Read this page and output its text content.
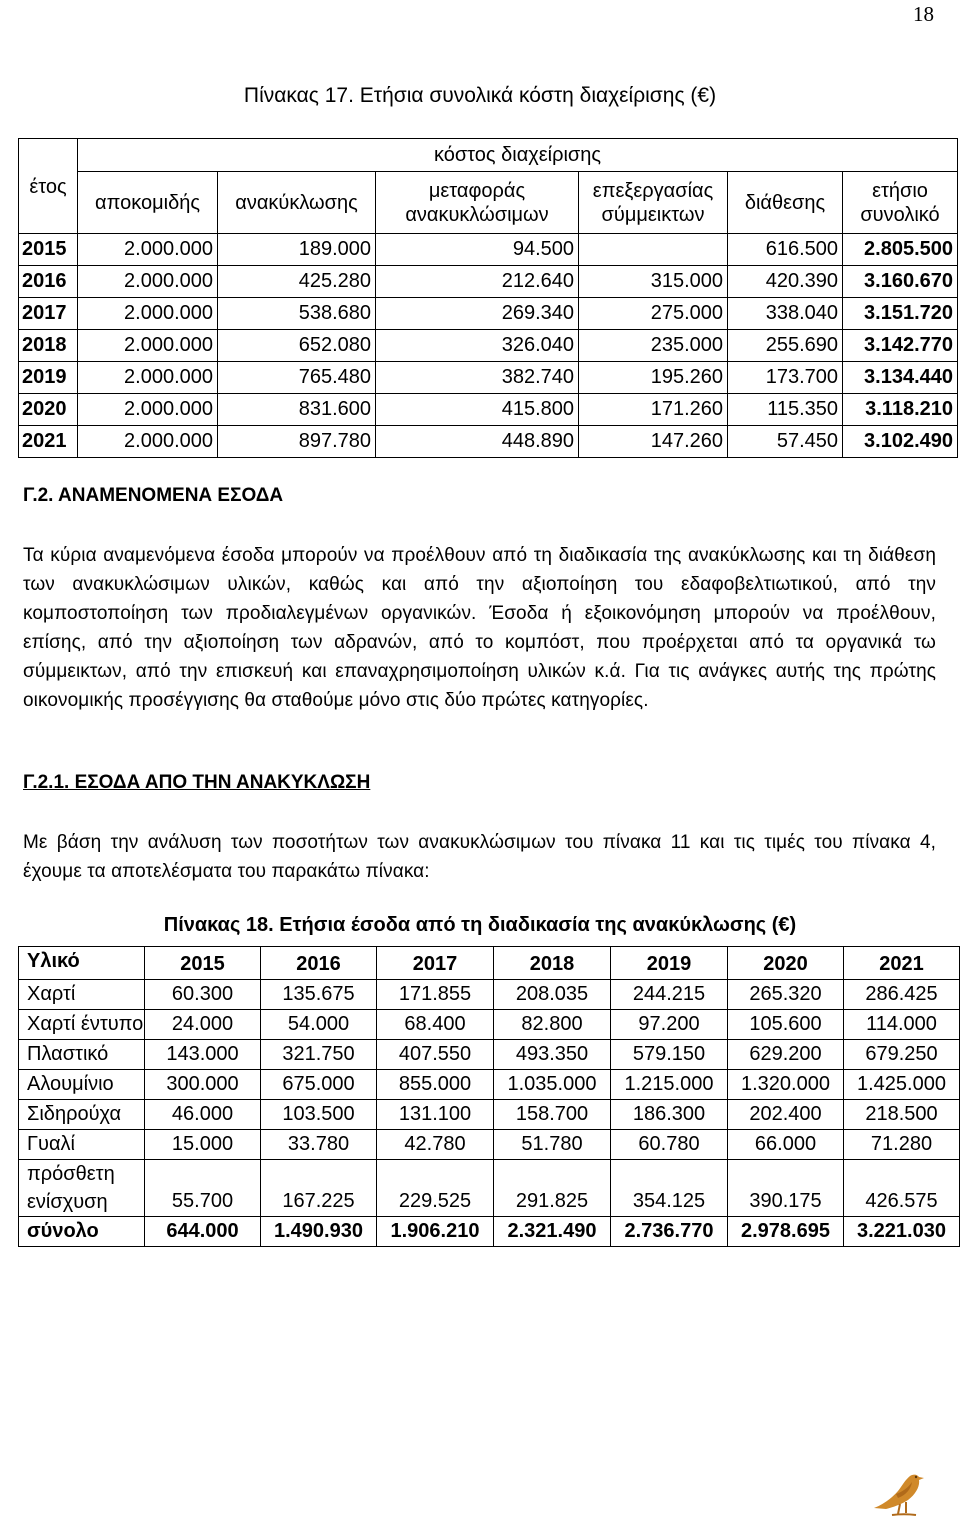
18
Πίνακας 17. Ετήσια συνολικά κόστη διαχείρισης (€)
έτος	κόστος διαχείρισης					
	αποκομιδής	ανακύκλωσης	μεταφοράς ανακυκλώσιμων	επεξεργασίας σύμμεικτων	διάθεσης	ετήσιο συνολικό
2015	2.000.000	189.000	94.500		616.500	2.805.500
2016	2.000.000	425.280	212.640	315.000	420.390	3.160.670
2017	2.000.000	538.680	269.340	275.000	338.040	3.151.720
2018	2.000.000	652.080	326.040	235.000	255.690	3.142.770
2019	2.000.000	765.480	382.740	195.260	173.700	3.134.440
2020	2.000.000	831.600	415.800	171.260	115.350	3.118.210
2021	2.000.000	897.780	448.890	147.260	57.450	3.102.490
Γ.2. ΑΝΑΜΕΝΟΜΕΝΑ ΕΣΟΔΑ
Τα κύρια αναμενόμενα έσοδα μπορούν να προέλθουν από τη διαδικασία της ανακύκλωσης και τη διάθεση των ανακυκλώσιμων υλικών, καθώς και από την αξιοποίηση του εδαφοβελτιωτικού, από την κομποστοποίηση των προδιαλεγμένων οργανικών. Έσοδα ή εξοικονόμηση μπορούν να προέλθουν, επίσης, από την αξιοποίηση των αδρανών, από το κομπόστ, που προέρχεται από τα οργανικά τω σύμμεικτων, από την επισκευή και επαναχρησιμοποίηση υλικών κ.ά. Για τις ανάγκες αυτής της πρώτης οικονομικής προσέγγισης θα σταθούμε μόνο στις δύο πρώτες κατηγορίες.
Γ.2.1. ΕΣΟΔΑ ΑΠΟ ΤΗΝ ΑΝΑΚΥΚΛΩΣΗ
Με βάση την ανάλυση των ποσοτήτων των ανακυκλώσιμων του πίνακα 11 και τις τιμές του πίνακα 4, έχουμε τα αποτελέσματα του παρακάτω πίνακα:
Πίνακας 18. Ετήσια έσοδα από τη διαδικασία της ανακύκλωσης (€)
Υλικό	2015	2016	2017	2018	2019	2020	2021
Χαρτί	60.300	135.675	171.855	208.035	244.215	265.320	286.425
Χαρτί έντυπο	24.000	54.000	68.400	82.800	97.200	105.600	114.000
Πλαστικό	143.000	321.750	407.550	493.350	579.150	629.200	679.250
Αλουμίνιο	300.000	675.000	855.000	1.035.000	1.215.000	1.320.000	1.425.000
Σιδηρούχα	46.000	103.500	131.100	158.700	186.300	202.400	218.500
Γυαλί	15.000	33.780	42.780	51.780	60.780	66.000	71.280
πρόσθετη ενίσχυση	55.700	167.225	229.525	291.825	354.125	390.175	426.575
σύνολο	644.000	1.490.930	1.906.210	2.321.490	2.736.770	2.978.695	3.221.030
